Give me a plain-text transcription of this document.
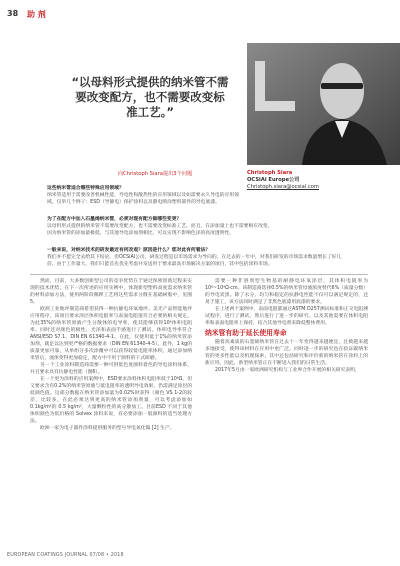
38 助 剂
“以母料形式提供的纳米管不需要改变配方，也不需要改变标准工艺。”
向Christoph Siara提出3个问题	Christoph Siara
OCSiAl Europe公司
Christoph.siara@ocsial.com
这些纳米管适合哪些特殊应用领域？
纳米管适用于需要改善机械性能、导电性和散热性的应用领域以及如需要永久导电的应用领域。仅举几个例子：ESD（导静电）保护涂料以及静电喷涂塑料部件的导电底漆。
为了在配方中加入石墨烯纳米管，必须对现有配方做哪些变更？
以母料形式提供的纳米管不需要改变配方，也不需要改变标准工艺。而且，在添加量上也不需要相应改变，因为纳米管的添加量极低，与其他导电添加剂相比，可以实现不影响色泽的高度透明性。
一般来说，对纳米技术的研发最近有何改观？原因是什么？您对此有何看法？
我们并不愿完全去给其下结论，但OCSiAl公司，研发过程是以市场需求为导向的。在过去的一年中，对我们研发的市场需求数量增长了好几倍。由于工作量大，我们只能首先优先考虑并发送用于要求最高市场解决方案的项目，其中包括涂料市场。

然而，目前，大多数创新型公司的竞争优势在于通过保密创新过程来实现的技术优势。在下一次所述的应用实例中，体现新型塑料高度需求纳米管的材料添加方法，使用两阶段稀释工艺将这些需求分散在基础树脂中，见图5。

欧洲工业地坪制造商希望获得一种抗静电环氧地坪。美光产品智能地坪应用程序，该项目要求涂层体积电阻率与表面电阻值符合必要的相关规定。为此35%的纳米管原液产生分散体的电导率，使其能够获得10⁶体积电阻率，同时还对颜色的极性、光泽和表面手感进行了测试，体积电导率符合ANSI/ESD S7.1、DIN EN 61340-4-1。在此，仅使用低于1%的纳米管添加剂，就足以达到更严格的数据要求（DIN EN 61340-4-5）。此外，1 kg的质量更加可靠，从单组分多次涂覆中可以获得较低电阻率体积，通过添加纳米管后，流体变得更加稳定，配方中不用于颜料的干式研磨。

另一个工业涂料制造商需要一种可供低色度颜料着色的导电涂料体系，并且要求具有抗静电性能（图6）。

在一个更为涂料的应用案例中，ESD要求涂料体积电阻率低于10⁶Ω，但又要求含有0.2%的纳米管原液与低电阻率的透明导电效果，仍需满足涂层的低颜色值。这部分数据在纳米管添加量为0.02%时获得（颜色 VS 1-2的较差，比较多，在此必须达到更高的纳米管添加剂量，可以考虑添加如0.1kg/m²的 0.5 kg/m²，大量颗粒性的高分散加工。目前ESD 不同于其他体积颜色为低价格的 Solvex 涂料来说，有必要添加一般颜料的适当处理方法。

欧洲一家为电子器件涂料提供服务的型号导电氧化镍 [2] 生产。

需要一种非溶剂型生物基的耐静电环氧涂层，其体积电阻率为10⁶~10⁹Ω·cm。该制造商选择0.5%的纳米管母液浓度替代6%（质量分数）的导电炭黑。除了水分，均匀和稳定的抗静电性能不仅可以满足规定的，还易于施工，该方法同时满足了非黑色底漆用底漆的要求。

在上述两个案例中，表面电阻都通过ASTM D257测试标准和正交电阻测试程序，进行了测试，然后进行了进一步的研究。以及其他需要在体积电阻率和表面电阻率上保持，结合其他导电剂来降低整体费用。

纳米管有助于延长使用寿命

随着高素质的石墨烯纳米管在过去十一年变得越来越便宜，且被越来越多地接受，使得该材料在应用中更广泛。同时进一步的研究也在验证碳纳米管的更多性能以及机理探索，其中还包括研究和评价新的纳米管在涂料上的新应用。因此，新型纳米管正在不断进入我们的日常生活。

2017年5月由一家欧洲研究机构与工业界合作开展的相关研究表明，

EUROPEAN COATINGS JOURNAL 07/08 • 2018
